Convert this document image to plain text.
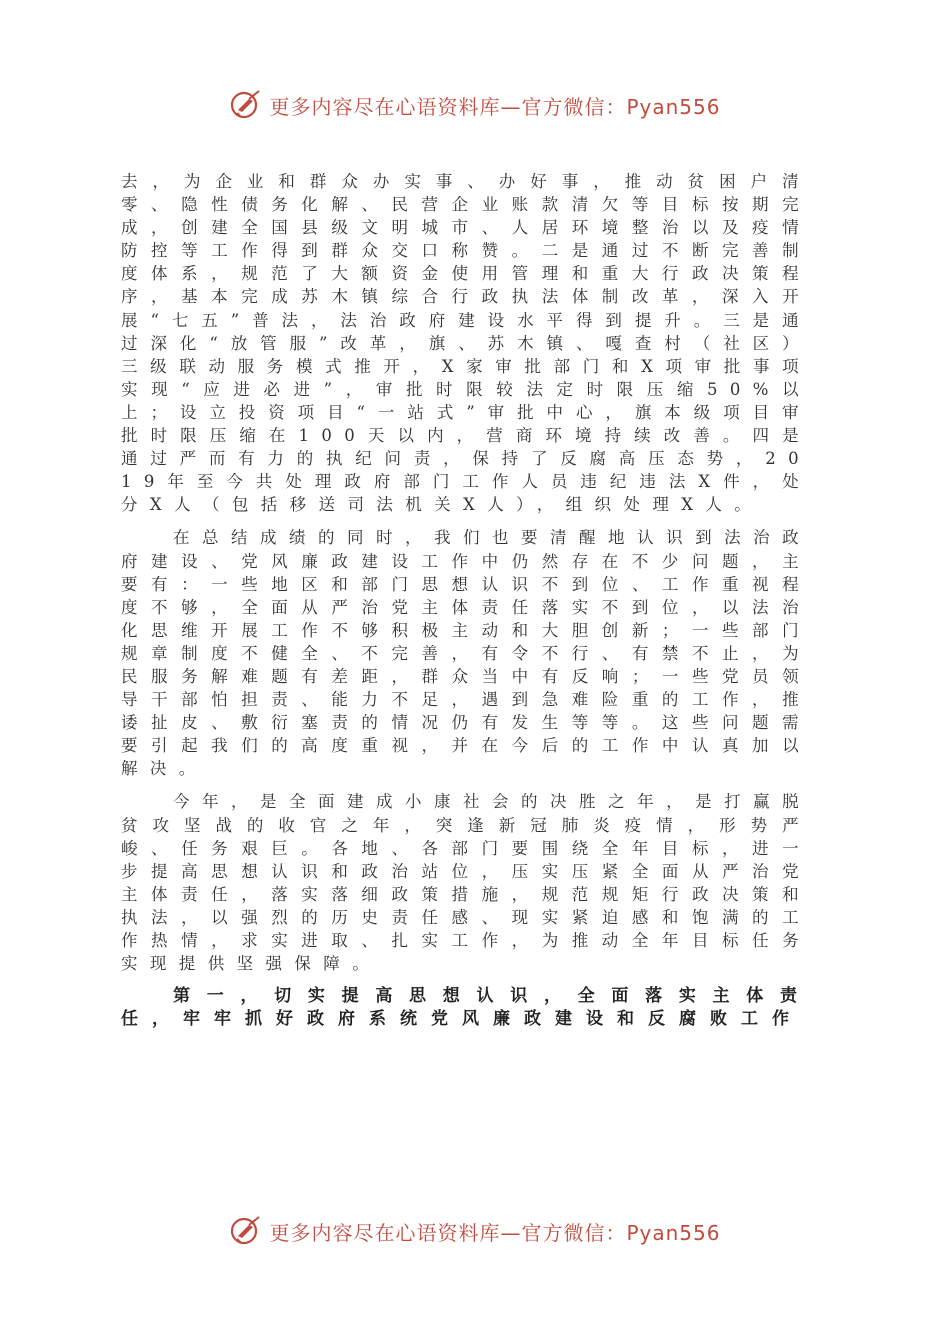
更多内容尽在心语资料库—官方微信：Pyan556

去，为企业和群众办实事、办好事，推动贫困户清零、隐性债务化解、民营企业账款清欠等目标按期完成，创建全国县级文明城市、人居环境整治以及疫情防控等工作得到群众交口称赞。二是通过不断完善制度体系，规范了大额资金使用管理和重大行政决策程序，基本完成苏木镇综合行政执法体制改革，深入开展“七五”普法，法治政府建设水平得到提升。三是通过深化“放管服”改革，旗、苏木镇、嘎查村（社区）三级联动服务模式推开，X家审批部门和X项审批事项实现“应进必进”，审批时限较法定时限压缩50%以上；设立投资项目“一站式”审批中心，旗本级项目审批时限压缩在100天以内，营商环境持续改善。四是通过严而有力的执纪问责，保持了反腐高压态势，2019年至今共处理政府部门工作人员违纪违法X件，处分X人（包括移送司法机关X人），组织处理X人。

在总结成绩的同时，我们也要清醒地认识到法治政府建设、党风廉政建设工作中仍然存在不少问题，主要有：一些地区和部门思想认识不到位、工作重视程度不够，全面从严治党主体责任落实不到位，以法治化思维开展工作不够积极主动和大胆创新；一些部门规章制度不健全、不完善，有令不行、有禁不止，为民服务解难题有差距，群众当中有反响；一些党员领导干部怕担责、能力不足，遇到急难险重的工作，推诿扯皮、敷衍塞责的情况仍有发生等等。这些问题需要引起我们的高度重视，并在今后的工作中认真加以解决。

今年，是全面建成小康社会的决胜之年，是打赢脱贫攻坚战的收官之年，突逢新冠肺炎疫情，形势严峻、任务艰巨。各地、各部门要围绕全年目标，进一步提高思想认识和政治站位，压实压紧全面从严治党主体责任，落实落细政策措施，规范规矩行政决策和执法，以强烈的历史责任感、现实紧迫感和饱满的工作热情，求实进取、扎实工作，为推动全年目标任务实现提供坚强保障。

第一，切实提高思想认识，全面落实主体责任，牢牢抓好政府系统党风廉政建设和反腐败工作

更多内容尽在心语资料库—官方微信：Pyan556
